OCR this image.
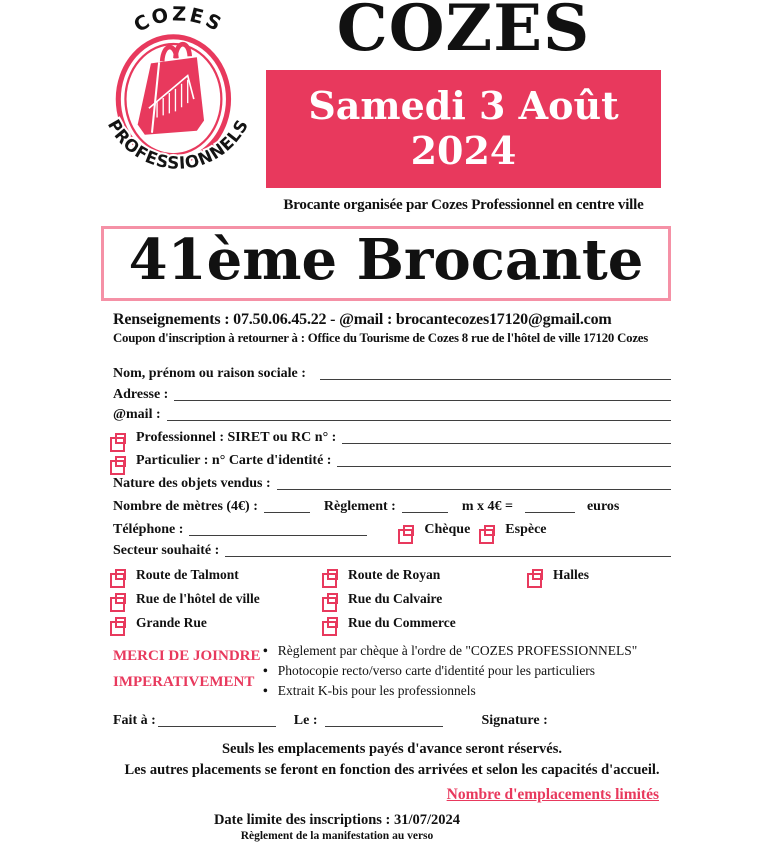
COZES
PROFESSIONNELS
COZES
Samedi 3 Août 2024
Brocante organisée par Cozes Professionnel en centre ville
41ème Brocante
Renseignements : 07.50.06.45.22 - @mail : brocantecozes17120@gmail.com
Coupon d'inscription à retourner à : Office du Tourisme de Cozes 8 rue de l'hôtel de ville 17120 Cozes
Nom, prénom ou raison sociale :
Adresse :
@mail :
Professionnel : SIRET ou RC n° :
Particulier : n° Carte d'identité :
Nature des objets vendus :
Nombre de mètres (4€) :	Règlement :	m x 4€ =	euros
Téléphone :	Chèque	Espèce
Secteur souhaité :
Route de Talmont	Route de Royan	Halles
Rue de l'hôtel de ville	Rue du Calvaire
Grande Rue	Rue du Commerce
MERCI DE JOINDRE
IMPERATIVEMENT
• Règlement par chèque à l'ordre de "COZES PROFESSIONNELS"
• Photocopie recto/verso carte d'identité pour les particuliers
• Extrait K-bis pour les professionnels
Fait à :	Le :	Signature :
Seuls les emplacements payés d'avance seront réservés.
Les autres placements se feront en fonction des arrivées et selon les capacités d'accueil.
Nombre d'emplacements limités
Date limite des inscriptions : 31/07/2024
Règlement de la manifestation au verso
